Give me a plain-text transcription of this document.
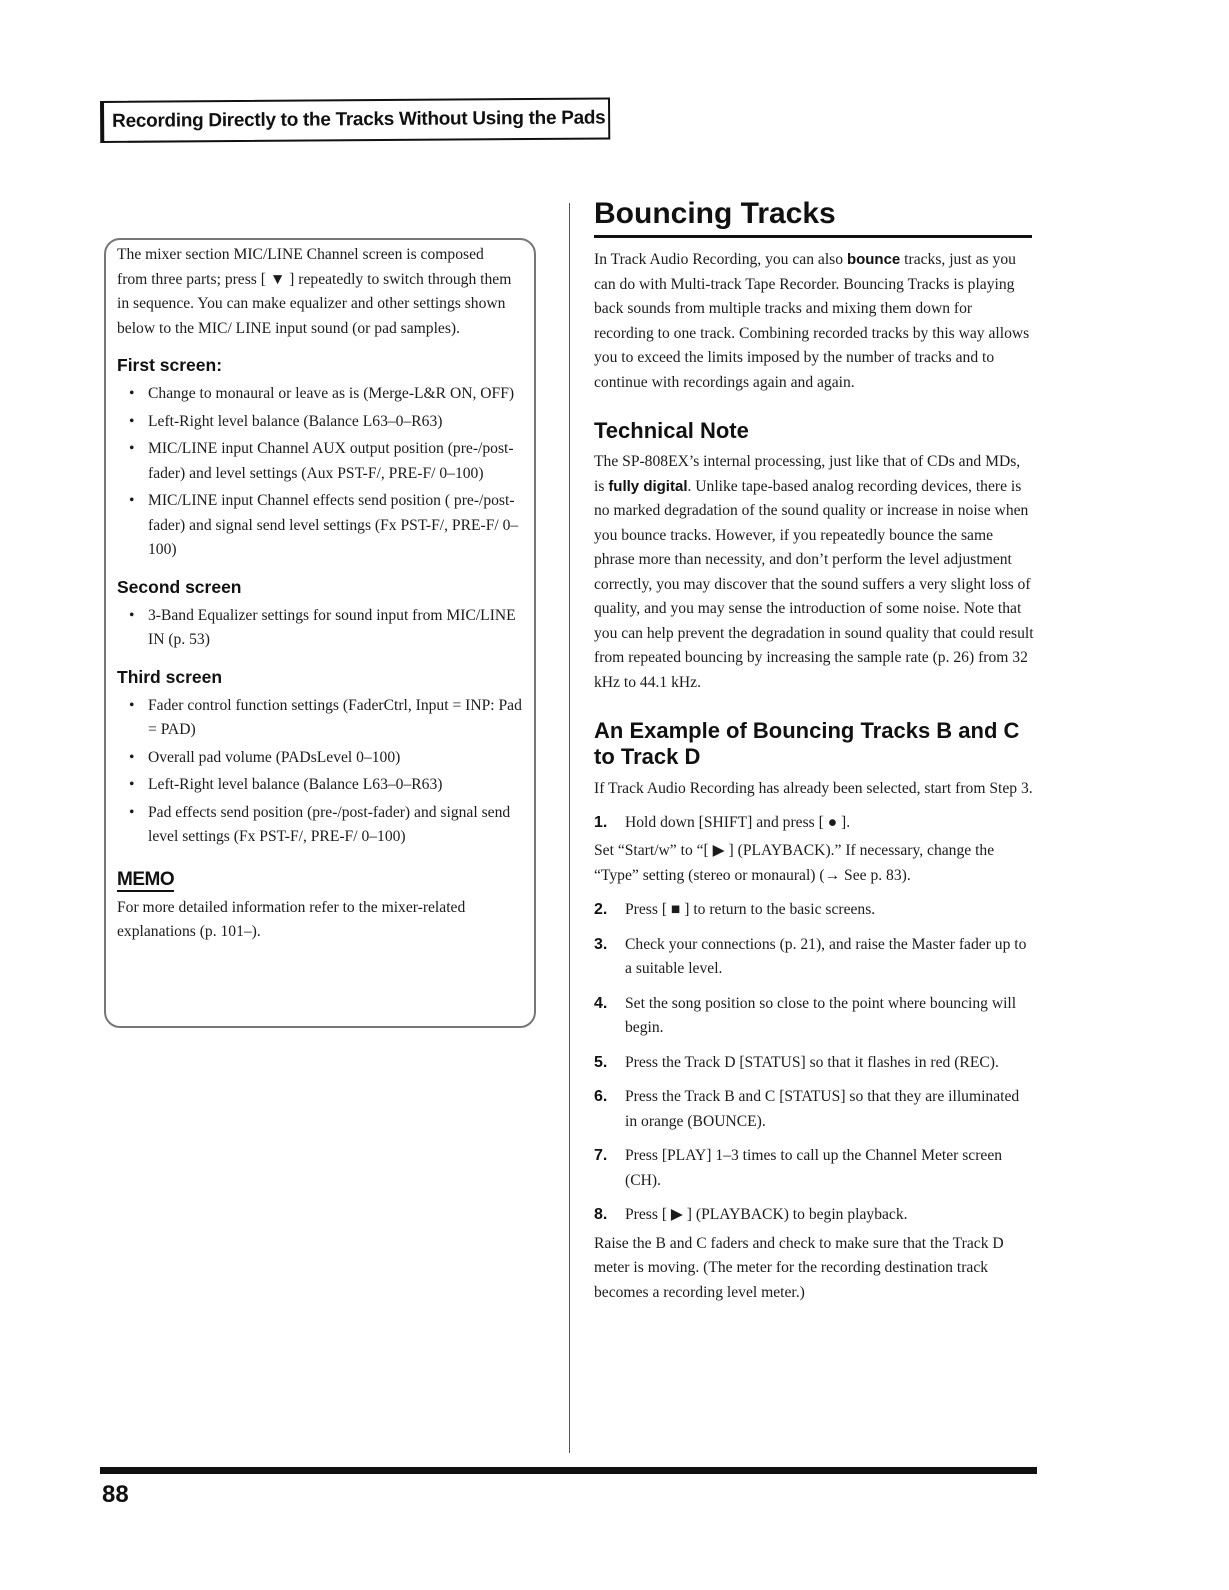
Recording Directly to the Tracks Without Using the Pads

The mixer section MIC/LINE Channel screen is composed from three parts; press [ ▼ ] repeatedly to switch through them in sequence. You can make equalizer and other settings shown below to the MIC/ LINE input sound (or pad samples).

First screen:
• Change to monaural or leave as is (Merge-L&R ON, OFF)
• Left-Right level balance (Balance L63–0–R63)
• MIC/LINE input Channel AUX output position (pre-/post-fader) and level settings (Aux PST-F/, PRE-F/ 0–100)
• MIC/LINE input Channel effects send position ( pre-/post-fader) and signal send level settings (Fx PST-F/, PRE-F/ 0–100)
Second screen
• 3-Band Equalizer settings for sound input from MIC/LINE IN (p. 53)
Third screen
• Fader control function settings (FaderCtrl, Input = INP: Pad = PAD)
• Overall pad volume (PADsLevel 0–100)
• Left-Right level balance (Balance L63–0–R63)
• Pad effects send position (pre-/post-fader) and signal send level settings (Fx PST-F/, PRE-F/ 0–100)
MEMO

For more detailed information refer to the mixer-related explanations (p. 101–).

Bouncing Tracks

In Track Audio Recording, you can also bounce tracks, just as you can do with Multi-track Tape Recorder. Bouncing Tracks is playing back sounds from multiple tracks and mixing them down for recording to one track. Combining recorded tracks by this way allows you to exceed the limits imposed by the number of tracks and to continue with recordings again and again.

Technical Note

The SP-808EX’s internal processing, just like that of CDs and MDs, is fully digital. Unlike tape-based analog recording devices, there is no marked degradation of the sound quality or increase in noise when you bounce tracks. However, if you repeatedly bounce the same phrase more than necessity, and don’t perform the level adjustment correctly, you may discover that the sound suffers a very slight loss of quality, and you may sense the introduction of some noise. Note that you can help prevent the degradation in sound quality that could result from repeated bouncing by increasing the sample rate (p. 26) from 32 kHz to 44.1 kHz.

An Example of Bouncing Tracks B and C to Track D

If Track Audio Recording has already been selected, start from Step 3.

1. Hold down [SHIFT] and press [ ● ].

Set “Start/w” to “[ ▶ ] (PLAYBACK).” If necessary, change the “Type” setting (stereo or monaural) (→ See p. 83).

2. Press [ ■ ] to return to the basic screens.
3. Check your connections (p. 21), and raise the Master fader up to a suitable level.
4. Set the song position so close to the point where bouncing will begin.
5. Press the Track D [STATUS] so that it flashes in red (REC).
6. Press the Track B and C [STATUS] so that they are illuminated in orange (BOUNCE).
7. Press [PLAY] 1–3 times to call up the Channel Meter screen (CH).
8. Press [ ▶ ] (PLAYBACK) to begin playback.

Raise the B and C faders and check to make sure that the Track D meter is moving. (The meter for the recording destination track becomes a recording level meter.)

88
